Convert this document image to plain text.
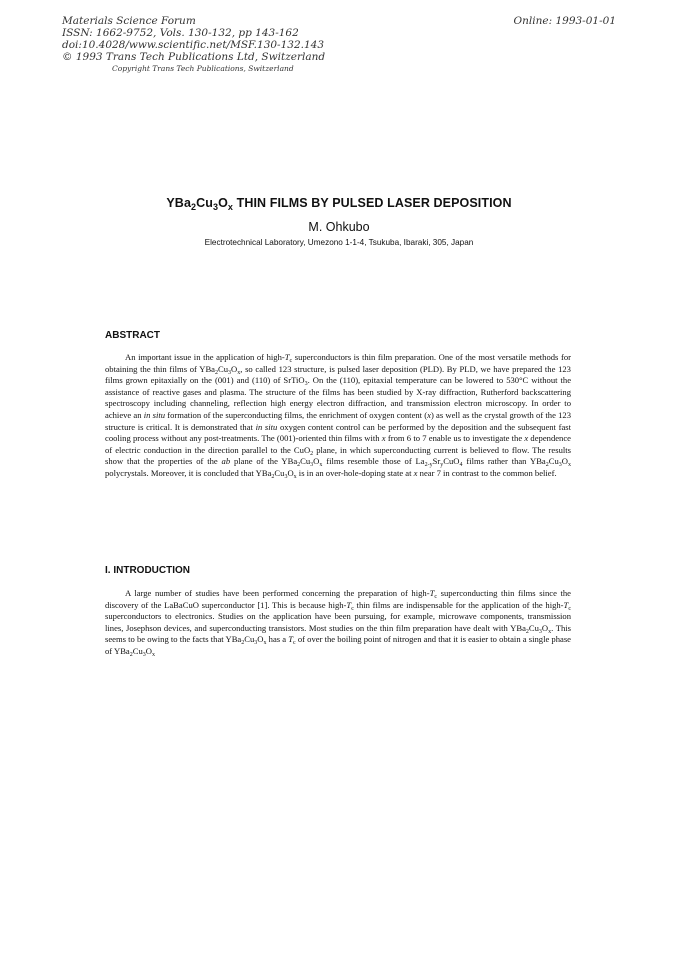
Materials Science Forum
ISSN: 1662-9752, Vols. 130-132, pp 143-162
doi:10.4028/www.scientific.net/MSF.130-132.143
© 1993 Trans Tech Publications Ltd, Switzerland
Online: 1993-01-01
Copyright Trans Tech Publications, Switzerland
$YBa_2Cu_3O_x$ THIN FILMS BY PULSED LASER DEPOSITION
M. Ohkubo
Electrotechnical Laboratory, Umezono 1-1-4, Tsukuba, Ibaraki, 305, Japan
ABSTRACT
An important issue in the application of high-$T_c$ superconductors is thin film preparation. One of the most versatile methods for obtaining the thin films of $YBa_2Cu_3O_x$, so called 123 structure, is pulsed laser deposition (PLD). By PLD, we have prepared the 123 films grown epitaxially on the (001) and (110) of SrTiO$_3$. On the (110), epitaxial temperature can be lowered to 530°C without the assistance of reactive gases and plasma. The structure of the films has been studied by X-ray diffraction, Rutherford backscattering spectroscopy including channeling, reflection high energy electron diffraction, and transmission electron microscopy. In order to achieve an in situ formation of the superconducting films, the enrichment of oxygen content (x) as well as the crystal growth of the 123 structure is critical. It is demonstrated that in situ oxygen content control can be performed by the deposition and the subsequent fast cooling process without any post-treatments. The (001)-oriented thin films with x from 6 to 7 enable us to investigate the x dependence of electric conduction in the direction parallel to the CuO$_2$ plane, in which superconducting current is believed to flow. The results show that the properties of the ab plane of the $YBa_2Cu_3O_x$ films resemble those of $La_{2-y}Sr_yCuO_4$ films rather than $YBa_2Cu_3O_x$ polycrystals. Moreover, it is concluded that $YBa_2Cu_3O_x$ is in an over-hole-doping state at x near 7 in contrast to the common belief.
I. INTRODUCTION
A large number of studies have been performed concerning the preparation of high-$T_c$ superconducting thin films since the discovery of the LaBaCuO superconductor [1]. This is because high-$T_c$ thin films are indispensable for the application of the high-$T_c$ superconductors to electronics. Studies on the application have been pursuing, for example, microwave components, transmission lines, Josephson devices, and superconducting transistors. Most studies on the thin film preparation have dealt with $YBa_2Cu_3O_x$. This seems to be owing to the facts that $YBa_2Cu_3O_x$ has a $T_c$ of over the boiling point of nitrogen and that it is easier to obtain a single phase of $YBa_2Cu_3O_x$
